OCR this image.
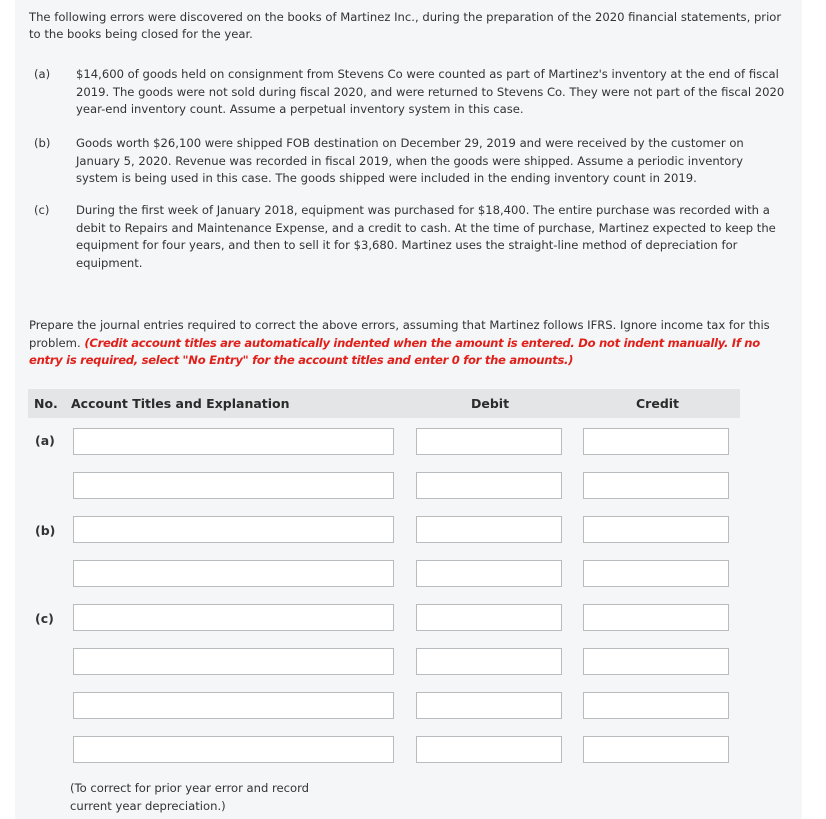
The following errors were discovered on the books of Martinez Inc., during the preparation of the 2020 financial statements, prior to the books being closed for the year.

(a) $14,600 of goods held on consignment from Stevens Co were counted as part of Martinez's inventory at the end of fiscal 2019. The goods were not sold during fiscal 2020, and were returned to Stevens Co. They were not part of the fiscal 2020 year-end inventory count. Assume a perpetual inventory system in this case.
(b) Goods worth $26,100 were shipped FOB destination on December 29, 2019 and were received by the customer on January 5, 2020. Revenue was recorded in fiscal 2019, when the goods were shipped. Assume a periodic inventory system is being used in this case. The goods shipped were included in the ending inventory count in 2019.
(c) During the first week of January 2018, equipment was purchased for $18,400. The entire purchase was recorded with a debit to Repairs and Maintenance Expense, and a credit to cash. At the time of purchase, Martinez expected to keep the equipment for four years, and then to sell it for $3,680. Martinez uses the straight-line method of depreciation for equipment.

Prepare the journal entries required to correct the above errors, assuming that Martinez follows IFRS. Ignore income tax for this problem. (Credit account titles are automatically indented when the amount is entered. Do not indent manually. If no entry is required, select "No Entry" for the account titles and enter 0 for the amounts.)

No. Account Titles and Explanation	Debit	Credit
(a)
(b)
(c)

(To correct for prior year error and record current year depreciation.)
